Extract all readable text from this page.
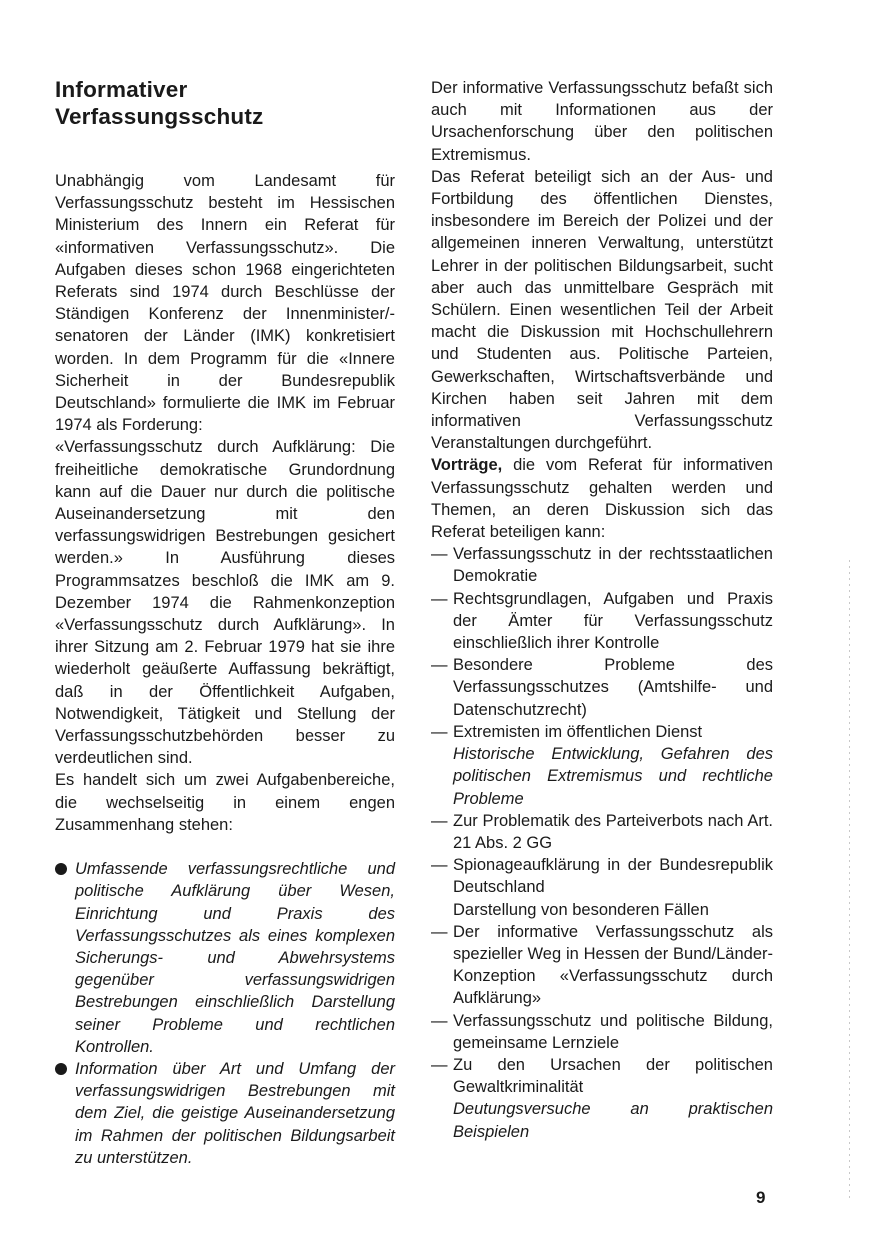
Informativer
Verfassungsschutz

Unabhängig vom Landesamt für Verfassungsschutz besteht im Hessischen Ministerium des Innern ein Referat für «informativen Verfassungsschutz». Die Aufgaben dieses schon 1968 eingerichteten Referats sind 1974 durch Beschlüsse der Ständigen Konferenz der Innenminister/-senatoren der Länder (IMK) konkretisiert worden. In dem Programm für die «Innere Sicherheit in der Bundesrepublik Deutschland» formulierte die IMK im Februar 1974 als Forderung:

«Verfassungsschutz durch Aufklärung: Die freiheitliche demokratische Grundordnung kann auf die Dauer nur durch die politische Auseinandersetzung mit den verfassungswidrigen Bestrebungen gesichert werden.» In Ausführung dieses Programmsatzes beschloß die IMK am 9. Dezember 1974 die Rahmenkonzeption «Verfassungsschutz durch Aufklärung». In ihrer Sitzung am 2. Februar 1979 hat sie ihre wiederholt geäußerte Auffassung bekräftigt, daß in der Öffentlichkeit Aufgaben, Notwendigkeit, Tätigkeit und Stellung der Verfassungsschutzbehörden besser zu verdeutlichen sind.

Es handelt sich um zwei Aufgabenbereiche, die wechselseitig in einem engen Zusammenhang stehen:

Umfassende verfassungsrechtliche und politische Aufklärung über Wesen, Einrichtung und Praxis des Verfassungsschutzes als eines komplexen Sicherungs- und Abwehrsystems gegenüber verfassungswidrigen Bestrebungen einschließlich Darstellung seiner Probleme und rechtlichen Kontrollen.
Information über Art und Umfang der verfassungswidrigen Bestrebungen mit dem Ziel, die geistige Auseinandersetzung im Rahmen der politischen Bildungsarbeit zu unterstützen.

Der informative Verfassungsschutz befaßt sich auch mit Informationen aus der Ursachenforschung über den politischen Extremismus.

Das Referat beteiligt sich an der Aus- und Fortbildung des öffentlichen Dienstes, insbesondere im Bereich der Polizei und der allgemeinen inneren Verwaltung, unterstützt Lehrer in der politischen Bildungsarbeit, sucht aber auch das unmittelbare Gespräch mit Schülern. Einen wesentlichen Teil der Arbeit macht die Diskussion mit Hochschullehrern und Studenten aus. Politische Parteien, Gewerkschaften, Wirtschaftsverbände und Kirchen haben seit Jahren mit dem informativen Verfassungsschutz Veranstaltungen durchgeführt.

Vorträge, die vom Referat für informativen Verfassungsschutz gehalten werden und Themen, an deren Diskussion sich das Referat beteiligen kann:

— Verfassungsschutz in der rechtsstaatlichen Demokratie
— Rechtsgrundlagen, Aufgaben und Praxis der Ämter für Verfassungsschutz einschließlich ihrer Kontrolle
— Besondere Probleme des Verfassungsschutzes (Amtshilfe- und Datenschutzrecht)
— Extremisten im öffentlichen Dienst

Historische Entwicklung, Gefahren des politischen Extremismus und rechtliche Probleme

— Zur Problematik des Parteiverbots nach Art. 21 Abs. 2 GG
— Spionageaufklärung in der Bundesrepublik Deutschland

Darstellung von besonderen Fällen

— Der informative Verfassungsschutz als spezieller Weg in Hessen der Bund/Länder-Konzeption «Verfassungsschutz durch Aufklärung»
— Verfassungsschutz und politische Bildung, gemeinsame Lernziele
— Zu den Ursachen der politischen Gewaltkriminalität

Deutungsversuche an praktischen Beispielen

9
